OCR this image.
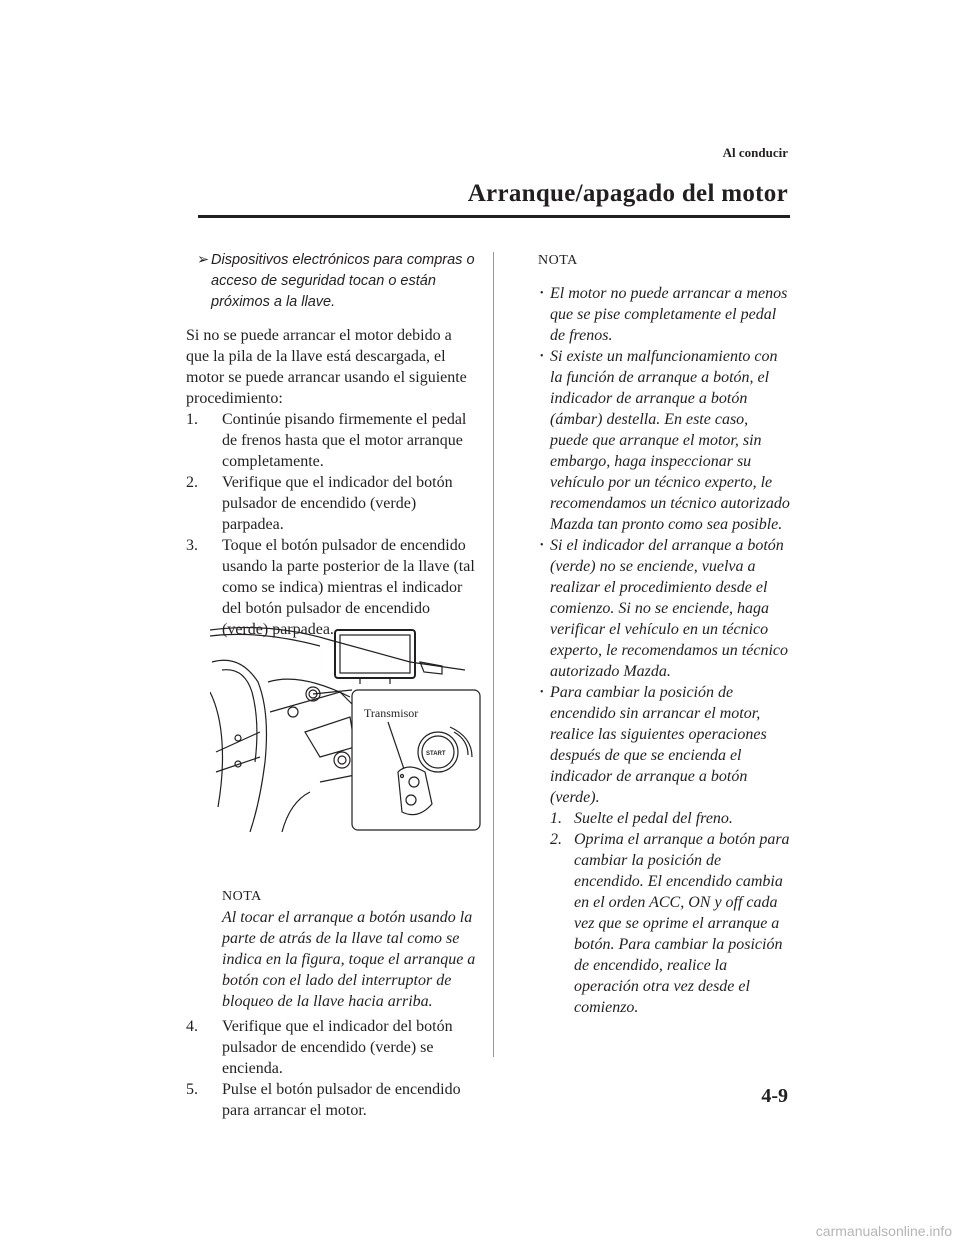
Al conducir
Arranque/apagado del motor
➢ Dispositivos electrónicos para compras o acceso de seguridad tocan o están próximos a la llave.

Si no se puede arrancar el motor debido a que la pila de la llave está descargada, el motor se puede arrancar usando el siguiente procedimiento:

1.	Continúe pisando firmemente el pedal de frenos hasta que el motor arranque completamente.
2.	Verifique que el indicador del botón pulsador de encendido (verde) parpadea.
3.	Toque el botón pulsador de encendido usando la parte posterior de la llave (tal como se indica) mientras el indicador del botón pulsador de encendido (verde) parpadea.
NOTA
Al tocar el arranque a botón usando la parte de atrás de la llave tal como se indica en la figura, toque el arranque a botón con el lado del interruptor de bloqueo de la llave hacia arriba.
4.	Verifique que el indicador del botón pulsador de encendido (verde) se encienda.
5.	Pulse el botón pulsador de encendido para arrancar el motor.
Transmisor
START
NOTA
• El motor no puede arrancar a menos que se pise completamente el pedal de frenos.
• Si existe un malfuncionamiento con la función de arranque a botón, el indicador de arranque a botón (ámbar) destella. En este caso, puede que arranque el motor, sin embargo, haga inspeccionar su vehículo por un técnico experto, le recomendamos un técnico autorizado Mazda tan pronto como sea posible.
• Si el indicador del arranque a botón (verde) no se enciende, vuelva a realizar el procedimiento desde el comienzo. Si no se enciende, haga verificar el vehículo en un técnico experto, le recomendamos un técnico autorizado Mazda.
• Para cambiar la posición de encendido sin arrancar el motor, realice las siguientes operaciones después de que se encienda el indicador de arranque a botón (verde).
1. Suelte el pedal del freno.
2. Oprima el arranque a botón para cambiar la posición de encendido. El encendido cambia en el orden ACC, ON y off cada vez que se oprime el arranque a botón. Para cambiar la posición de encendido, realice la operación otra vez desde el comienzo.
4-9
carmanualsonline.info
